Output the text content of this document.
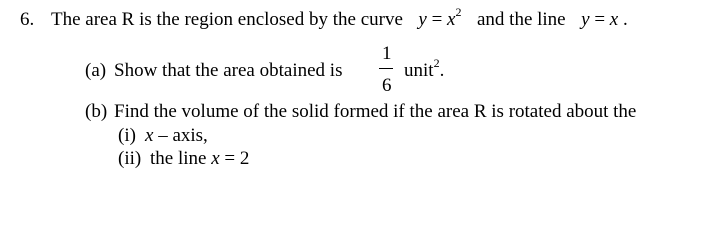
6. The area R is the region enclosed by the curve $y = x^2$ and the line y = x .
(a) Show that the area obtained is
1
6
unit$^2$.
(b) Find the volume of the solid formed if the area R is rotated about the
(i) x – axis,
(ii) the line x = 2
